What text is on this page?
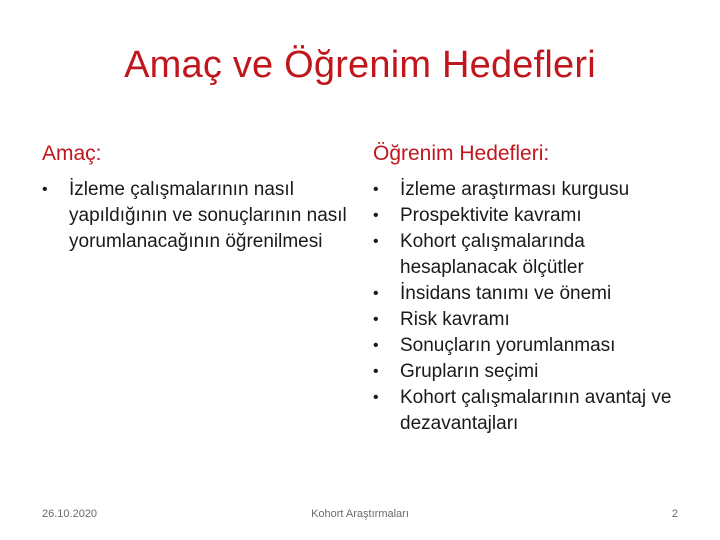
Amaç ve Öğrenim Hedefleri
Amaç:
•	İzleme çalışmalarının nasıl yapıldığının ve sonuçlarının nasıl yorumlanacağının öğrenilmesi
Öğrenim Hedefleri:
•	İzleme araştırması kurgusu
•	Prospektivite kavramı
•	Kohort çalışmalarında hesaplanacak ölçütler
•	İnsidans tanımı ve önemi
•	Risk kavramı
•	Sonuçların yorumlanması
•	Grupların seçimi
•	Kohort çalışmalarının avantaj ve dezavantajları
26.10.2020	Kohort Araştırmaları	2
